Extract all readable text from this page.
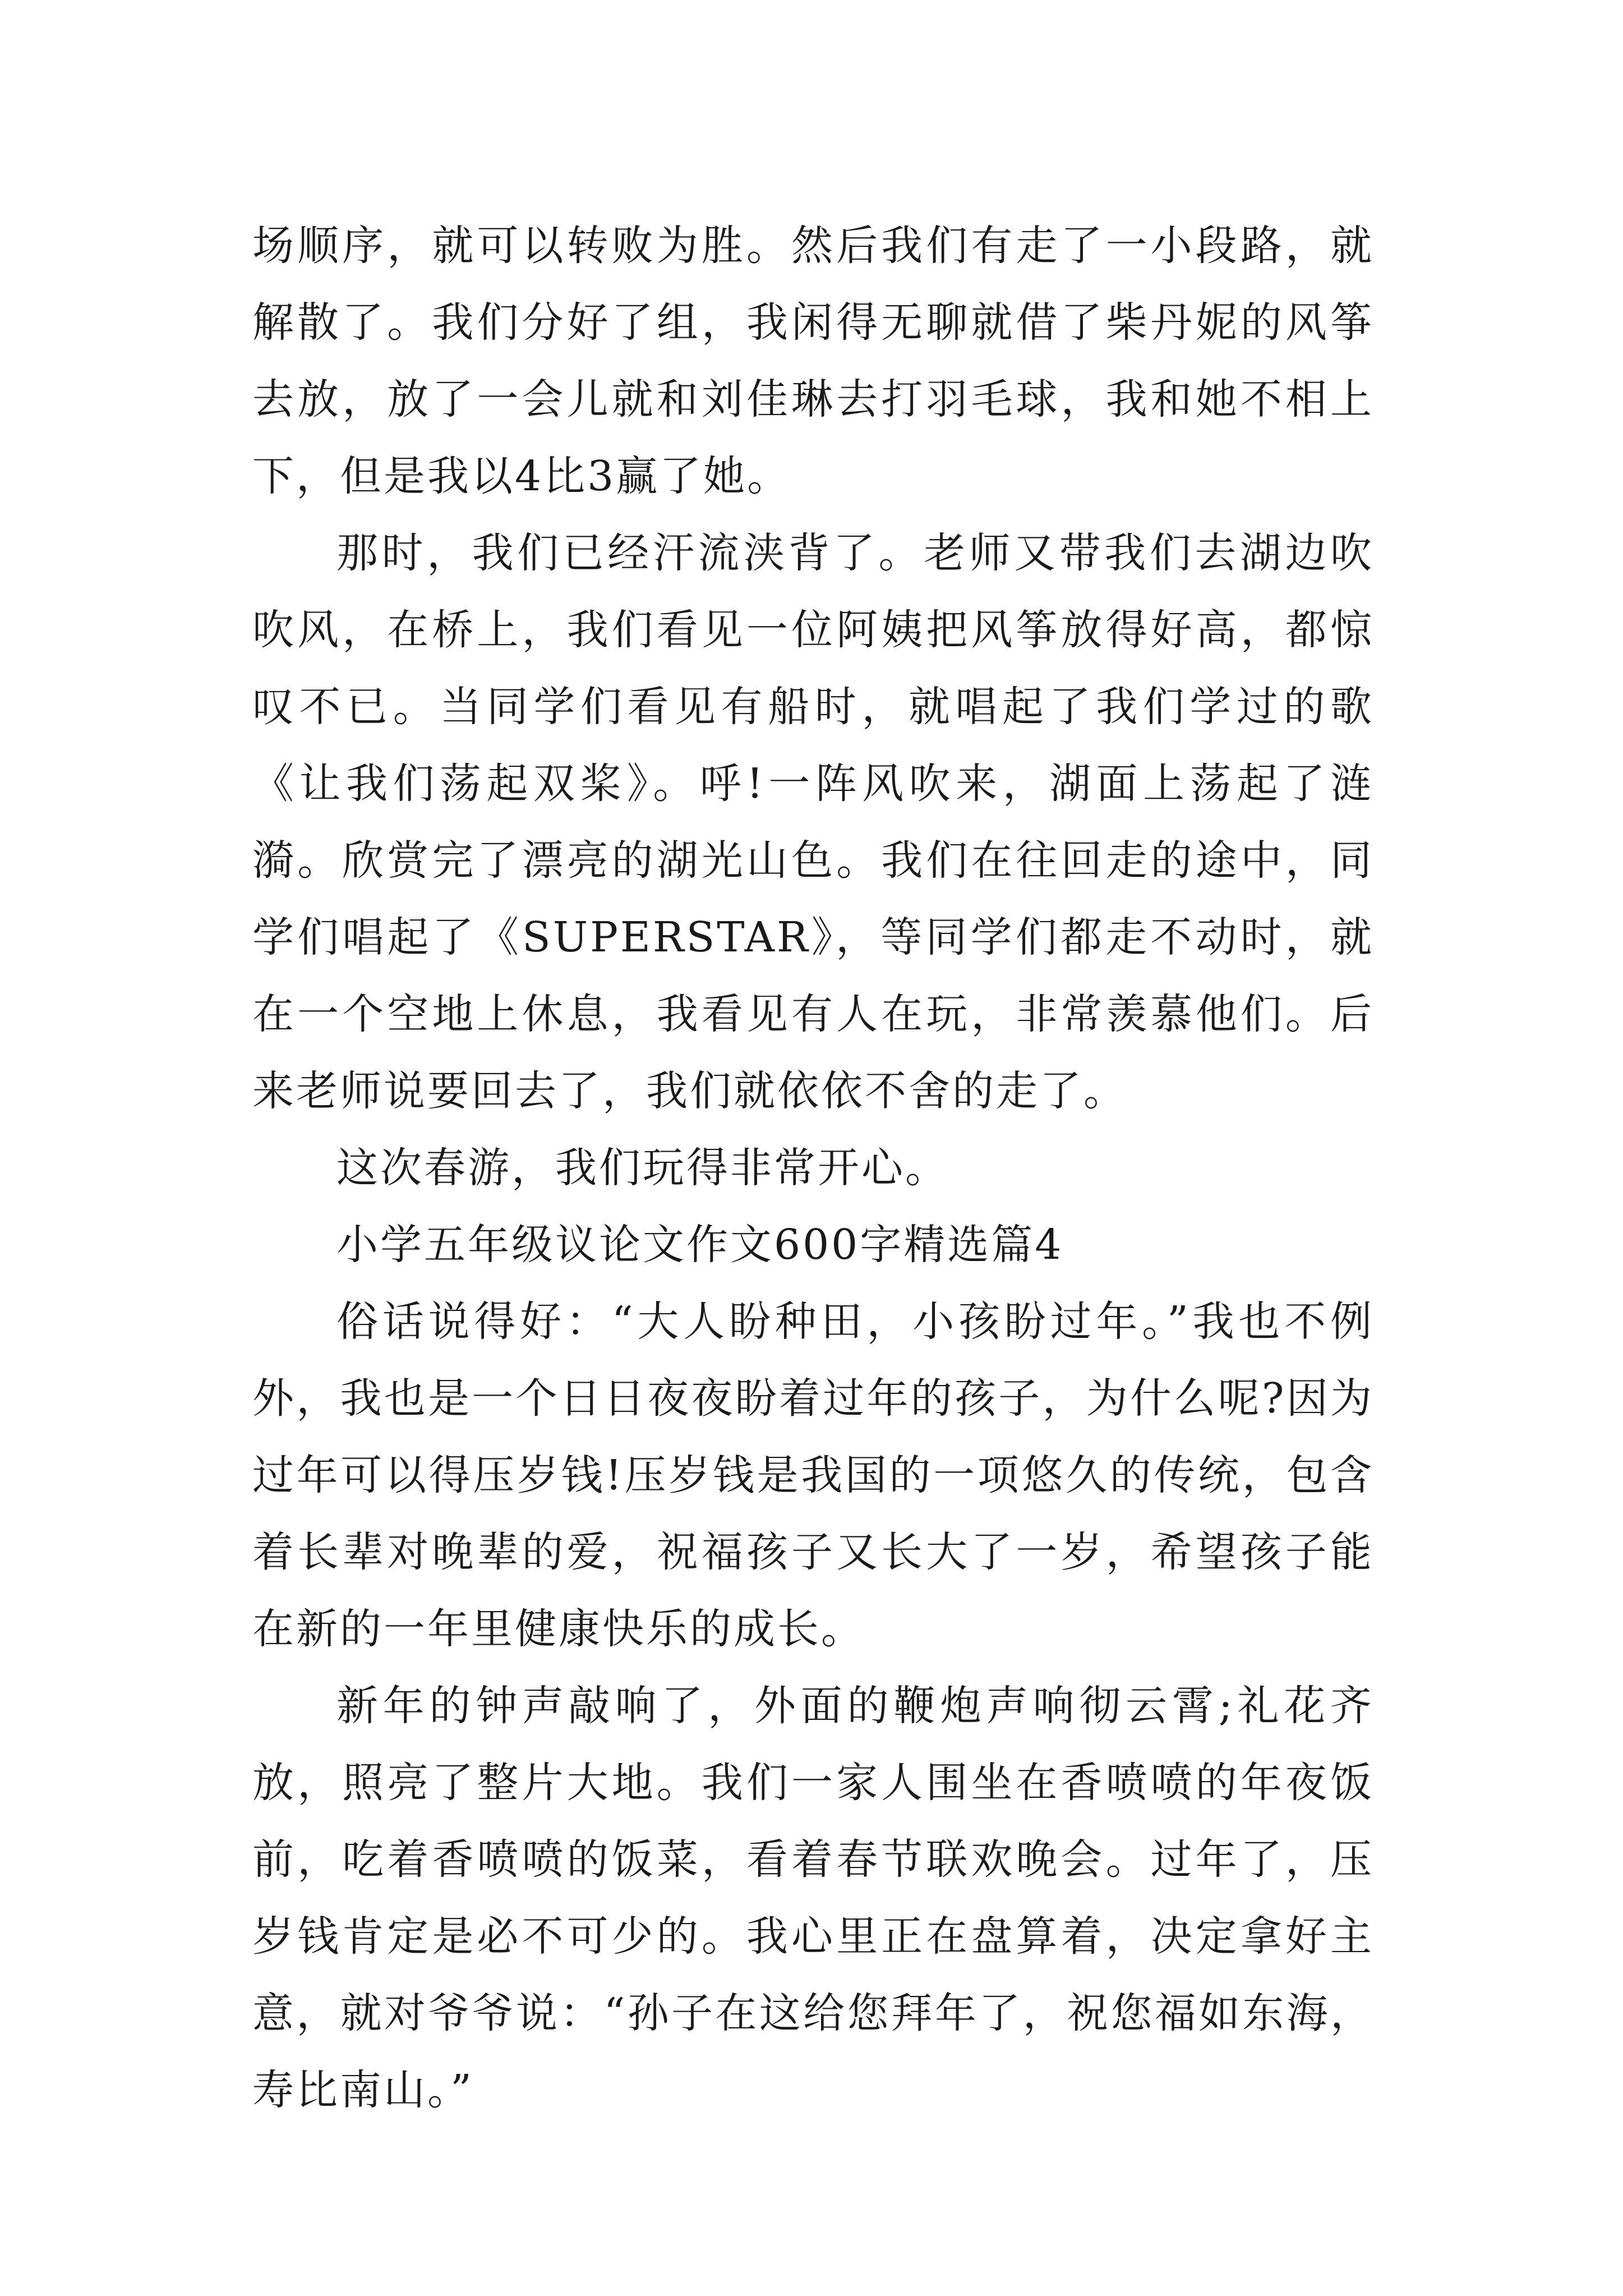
场顺序，就可以转败为胜。然后我们有走了一小段路，就解散了。我们分好了组，我闲得无聊就借了柴丹妮的风筝去放，放了一会儿就和刘佳琳去打羽毛球，我和她不相上下，但是我以4比3赢了她。

那时，我们已经汗流浃背了。老师又带我们去湖边吹吹风，在桥上，我们看见一位阿姨把风筝放得好高，都惊叹不已。当同学们看见有船时，就唱起了我们学过的歌《让我们荡起双桨》。呼!一阵风吹来，湖面上荡起了涟漪。欣赏完了漂亮的湖光山色。我们在往回走的途中，同学们唱起了《SUPERSTAR》，等同学们都走不动时，就在一个空地上休息，我看见有人在玩，非常羡慕他们。后来老师说要回去了，我们就依依不舍的走了。

这次春游，我们玩得非常开心。

小学五年级议论文作文600字精选篇4

俗话说得好：“大人盼种田，小孩盼过年。”我也不例外，我也是一个日日夜夜盼着过年的孩子，为什么呢?因为过年可以得压岁钱!压岁钱是我国的一项悠久的传统，包含着长辈对晚辈的爱，祝福孩子又长大了一岁，希望孩子能在新的一年里健康快乐的成长。

新年的钟声敲响了，外面的鞭炮声响彻云霄;礼花齐放，照亮了整片大地。我们一家人围坐在香喷喷的年夜饭前，吃着香喷喷的饭菜，看着春节联欢晚会。过年了，压岁钱肯定是必不可少的。我心里正在盘算着，决定拿好主意，就对爷爷说：“孙子在这给您拜年了，祝您福如东海，寿比南山。”
